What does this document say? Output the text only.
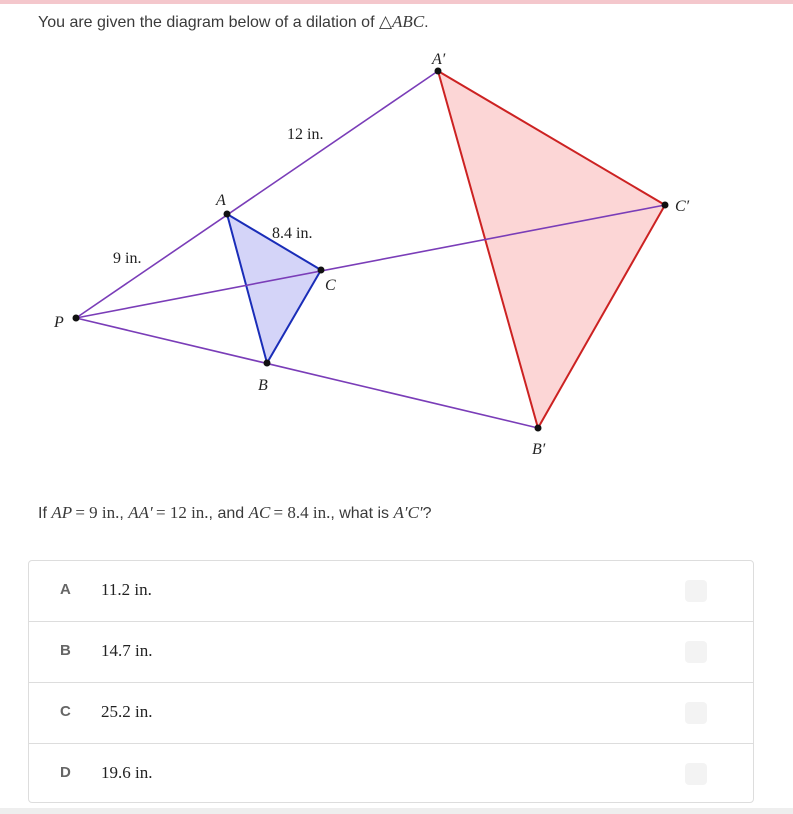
You are given the diagram below of a dilation of △ABC.
P
A
B
C
A′
B′
C′
9 in.
12 in.
8.4 in.
If AP  = 9 in., AA′  = 12 in., and AC  = 8.4 in., what is A′C′?
A 11.2 in.
B 14.7 in.
C 25.2 in.
D 19.6 in.
